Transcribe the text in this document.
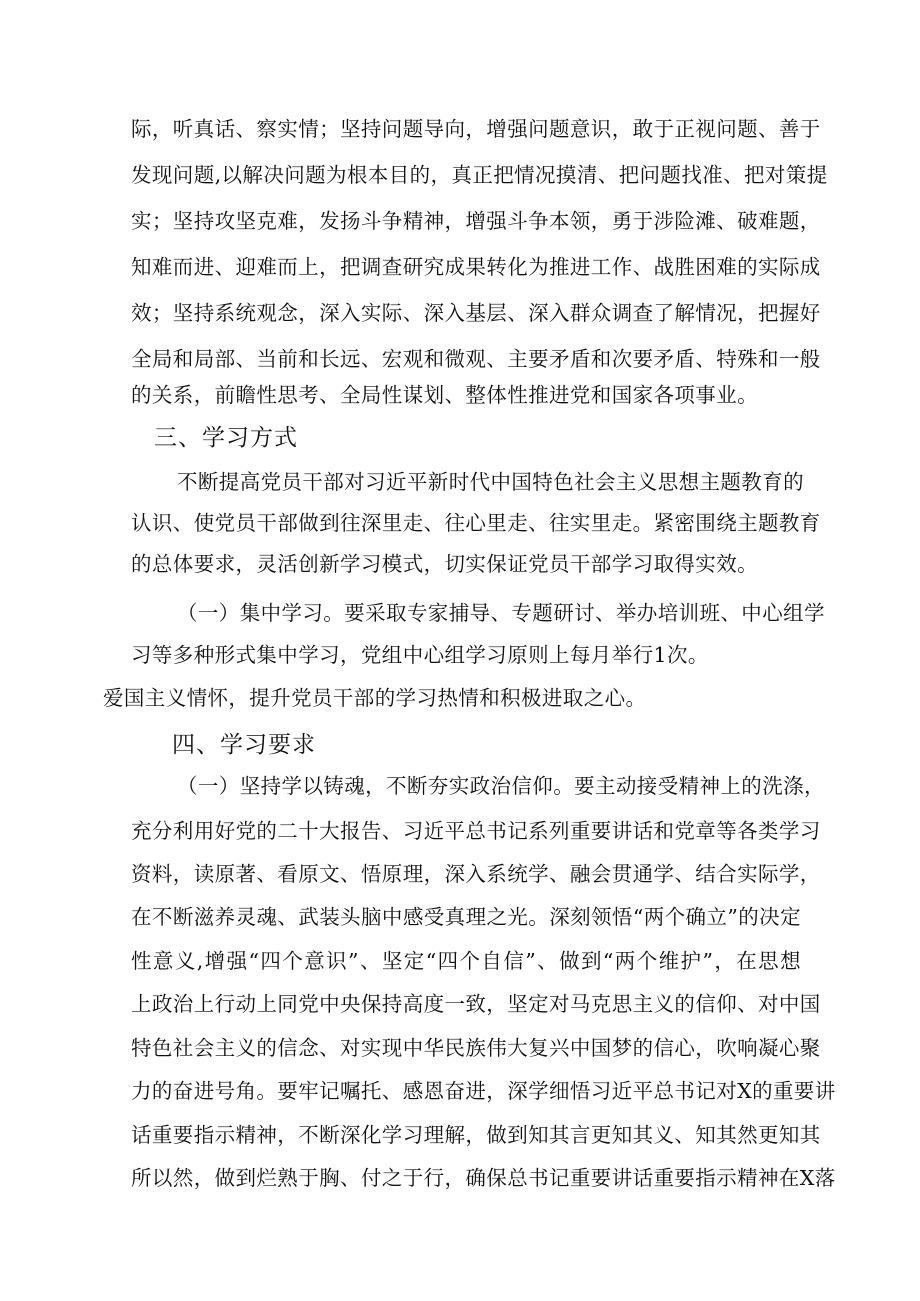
际，听真话、察实情；坚持问题导向，增强问题意识，敢于正视问题、善于
发现问题,以解决问题为根本目的，真正把情况摸清、把问题找准、把对策提
实；坚持攻坚克难，发扬斗争精神，增强斗争本领，勇于涉险滩、破难题，
知难而进、迎难而上，把调查研究成果转化为推进工作、战胜困难的实际成
效；坚持系统观念，深入实际、深入基层、深入群众调查了解情况，把握好
全局和局部、当前和长远、宏观和微观、主要矛盾和次要矛盾、特殊和一般
的关系，前瞻性思考、全局性谋划、整体性推进党和国家各项事业。
三、学习方式
不断提高党员干部对习近平新时代中国特色社会主义思想主题教育的
认识、使党员干部做到往深里走、往心里走、往实里走。紧密围绕主题教育
的总体要求，灵活创新学习模式，切实保证党员干部学习取得实效。
（一）集中学习。要采取专家捕导、专题研讨、举办培训班、中心组学
习等多种形式集中学习，党组中心组学习原则上每月举行1次。
爱国主义情怀，提升党员干部的学习热情和积极进取之心。
四、学习要求
（一）坚持学以铸魂，不断夯实政治信仰。要主动接受精神上的洗涤，
充分利用好党的二十大报告、习近平总书记系列重要讲话和党章等各类学习
资料，读原著、看原文、悟原理，深入系统学、融会贯通学、结合实际学，
在不断滋养灵魂、武装头脑中感受真理之光。深刻领悟“两个确立”的决定
性意义,增强“四个意识”、坚定“四个自信”、做到“两个维护”，在思想
上政治上行动上同党中央保持高度一致，坚定对马克思主义的信仰、对中国
特色社会主义的信念、对实现中华民族伟大复兴中国梦的信心，吹响凝心聚
力的奋进号角。要牢记嘱托、感恩奋进，深学细悟习近平总书记对X的重要讲
话重要指示精神，不断深化学习理解，做到知其言更知其义、知其然更知其
所以然，做到烂熟于胸、付之于行，确保总书记重要讲话重要指示精神在X落
